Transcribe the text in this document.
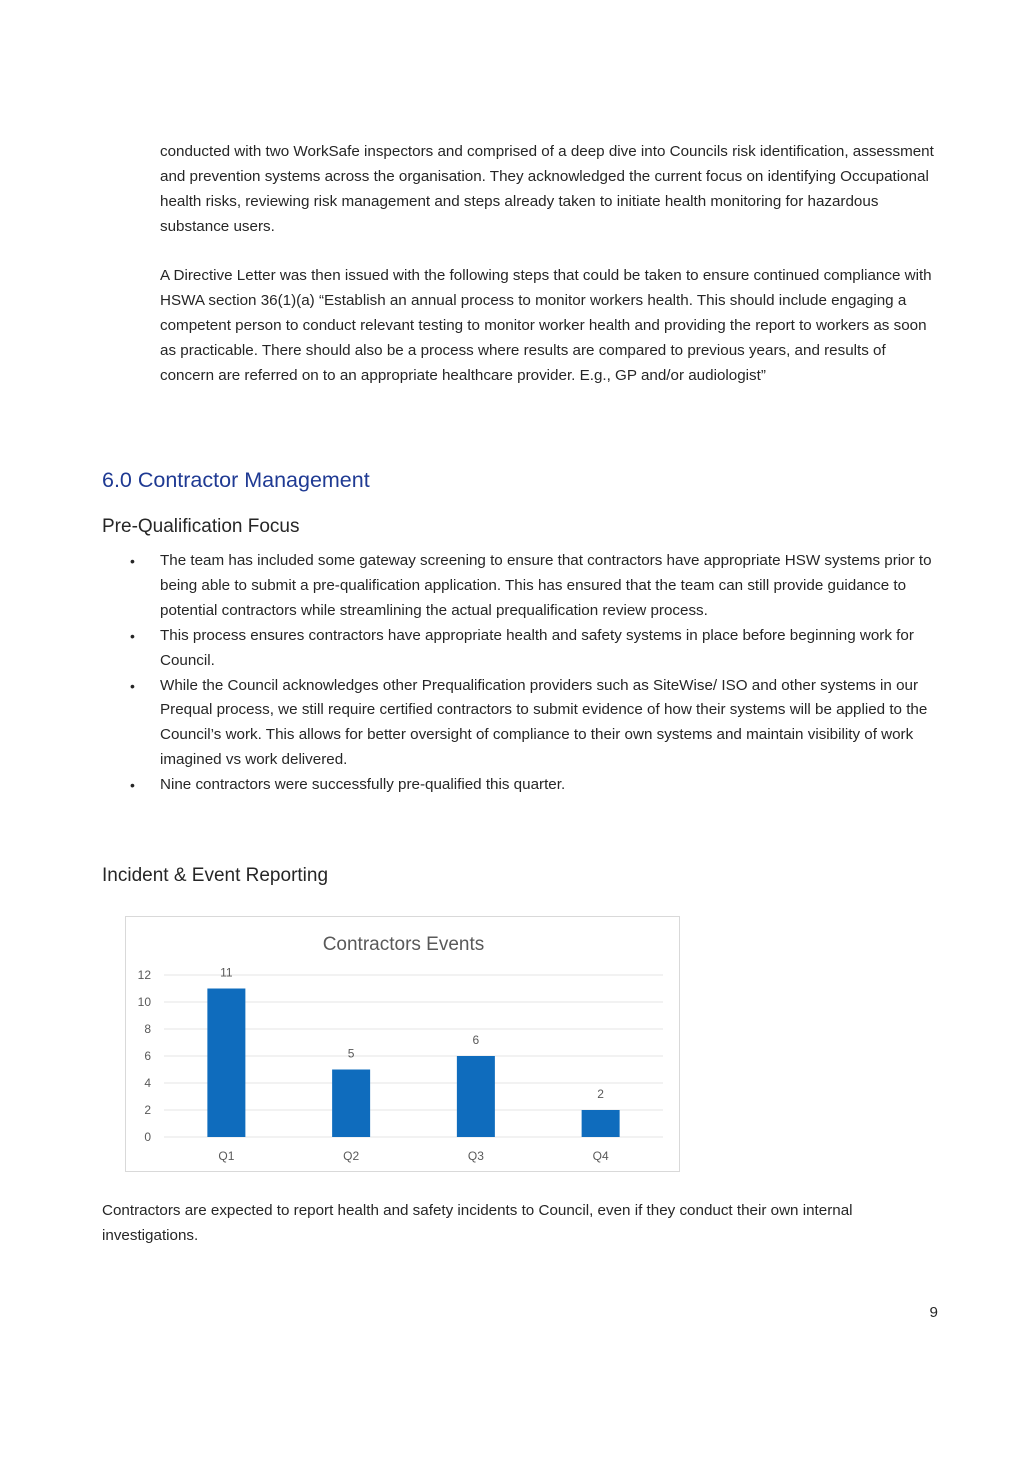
conducted with two WorkSafe inspectors and comprised of a deep dive into Councils risk identification, assessment and prevention systems across the organisation. They acknowledged the current focus on identifying Occupational health risks, reviewing risk management and steps already taken to initiate health monitoring for hazardous substance users.

A Directive Letter was then issued with the following steps that could be taken to ensure continued compliance with HSWA section 36(1)(a) “Establish an annual process to monitor workers health. This should include engaging a competent person to conduct relevant testing to monitor worker health and providing the report to workers as soon as practicable. There should also be a process where results are compared to previous years, and results of concern are referred on to an appropriate healthcare provider. E.g., GP and/or audiologist”

6.0 Contractor Management
Pre-Qualification Focus
• The team has included some gateway screening to ensure that contractors have appropriate HSW systems prior to being able to submit a pre-qualification application. This has ensured that the team can still provide guidance to potential contractors while streamlining the actual prequalification review process.
• This process ensures contractors have appropriate health and safety systems in place before beginning work for Council.
• While the Council acknowledges other Prequalification providers such as SiteWise/ ISO and other systems in our Prequal process, we still require certified contractors to submit evidence of how their systems will be applied to the Council’s work. This allows for better oversight of compliance to their own systems and maintain visibility of work imagined vs work delivered.
• Nine contractors were successfully pre-qualified this quarter.
Incident & Event Reporting
Contractors Events
0
2
4
6
8
10
12	11
Q1
5
Q2
6
Q3
2
Q4

Contractors are expected to report health and safety incidents to Council, even if they conduct their own internal investigations.

9
